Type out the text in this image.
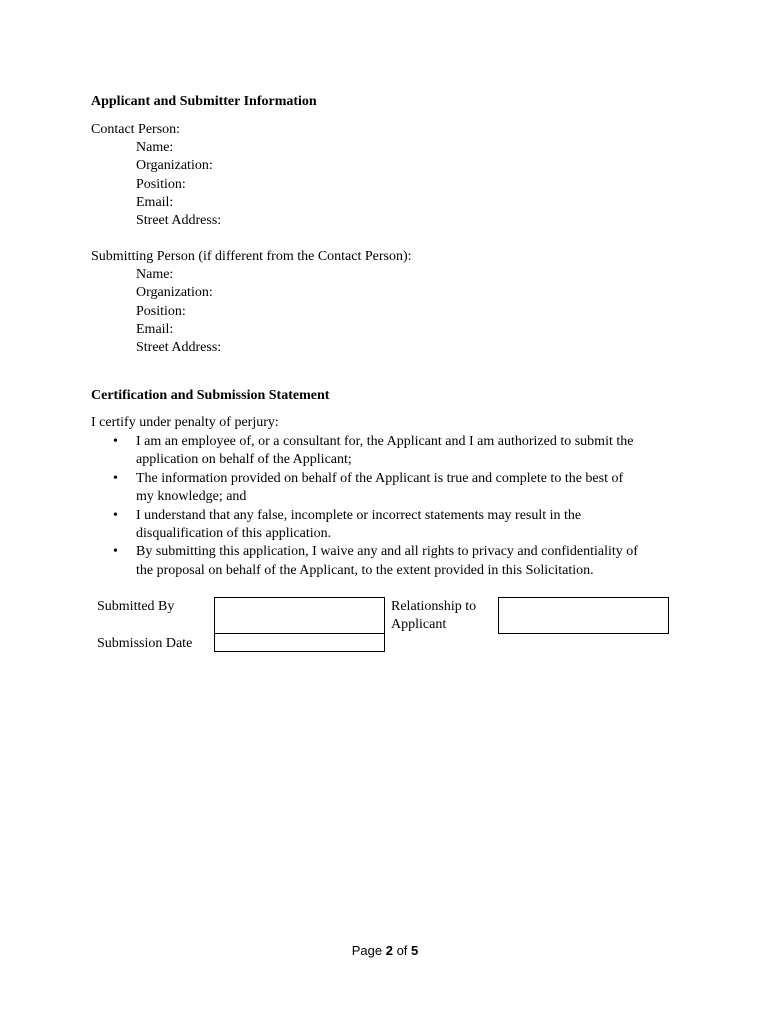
Applicant and Submitter Information
Contact Person:
Name:
Organization:
Position:
Email:
Street Address:
Submitting Person (if different from the Contact Person):
Name:
Organization:
Position:
Email:
Street Address:
Certification and Submission Statement
I certify under penalty of perjury:
• I am an employee of, or a consultant for, the Applicant and I am authorized to submit the
application on behalf of the Applicant;
• The information provided on behalf of the Applicant is true and complete to the best of
my knowledge; and
• I understand that any false, incomplete or incorrect statements may result in the
disqualification of this application.
• By submitting this application, I waive any and all rights to privacy and confidentiality of
the proposal on behalf of the Applicant, to the extent provided in this Solicitation.
Submitted By	Relationship to
Applicant
Submission Date
Page 2 of 5
